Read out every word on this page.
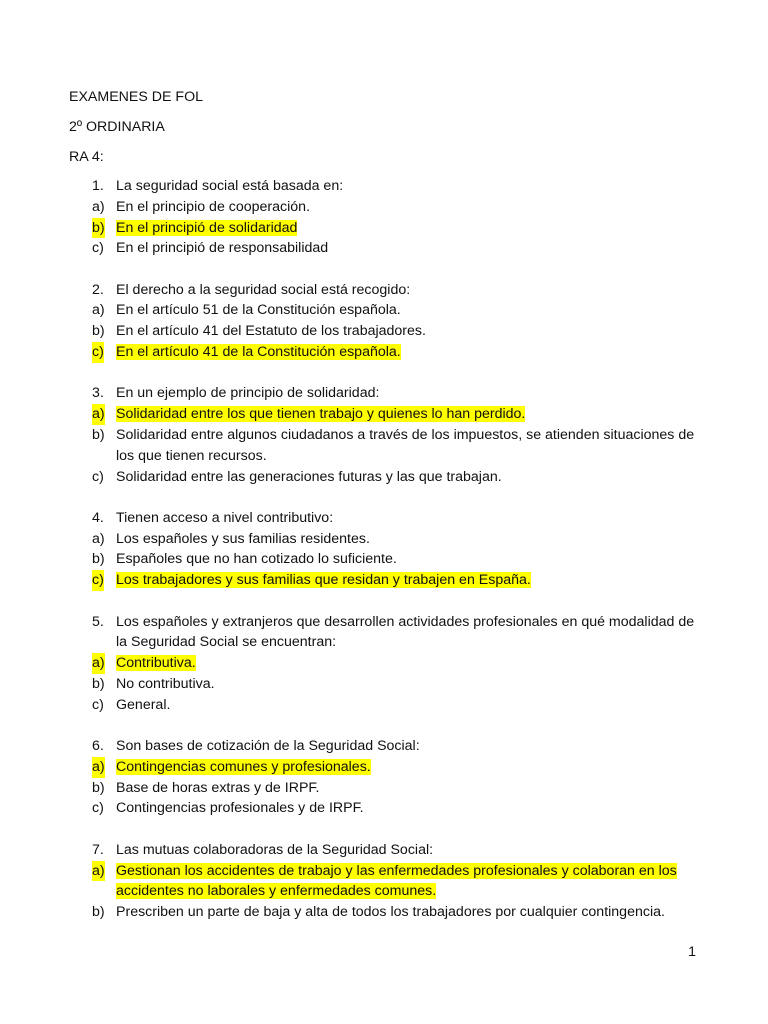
EXAMENES DE FOL
2º ORDINARIA
RA 4:
1. La seguridad social está basada en:
a) En el principio de cooperación.
b) En el principió de solidaridad
c) En el principió de responsabilidad
2. El derecho a la seguridad social está recogido:
a) En el artículo 51 de la Constitución española.
b) En el artículo 41 del Estatuto de los trabajadores.
c) En el artículo 41 de la Constitución española.
3. En un ejemplo de principio de solidaridad:
a) Solidaridad entre los que tienen trabajo y quienes lo han perdido.
b) Solidaridad entre algunos ciudadanos a través de los impuestos, se atienden situaciones de los que tienen recursos.
c) Solidaridad entre las generaciones futuras y las que trabajan.
4. Tienen acceso a nivel contributivo:
a) Los españoles y sus familias residentes.
b) Españoles que no han cotizado lo suficiente.
c) Los trabajadores y sus familias que residan y trabajen en España.
5. Los españoles y extranjeros que desarrollen actividades profesionales en qué modalidad de la Seguridad Social se encuentran:
a) Contributiva.
b) No contributiva.
c) General.
6. Son bases de cotización de la Seguridad Social:
a) Contingencias comunes y profesionales.
b) Base de horas extras y de IRPF.
c) Contingencias profesionales y de IRPF.
7. Las mutuas colaboradoras de la Seguridad Social:
a) Gestionan los accidentes de trabajo y las enfermedades profesionales y colaboran en los accidentes no laborales y enfermedades comunes.
b) Prescriben un parte de baja y alta de todos los trabajadores por cualquier contingencia.
1
